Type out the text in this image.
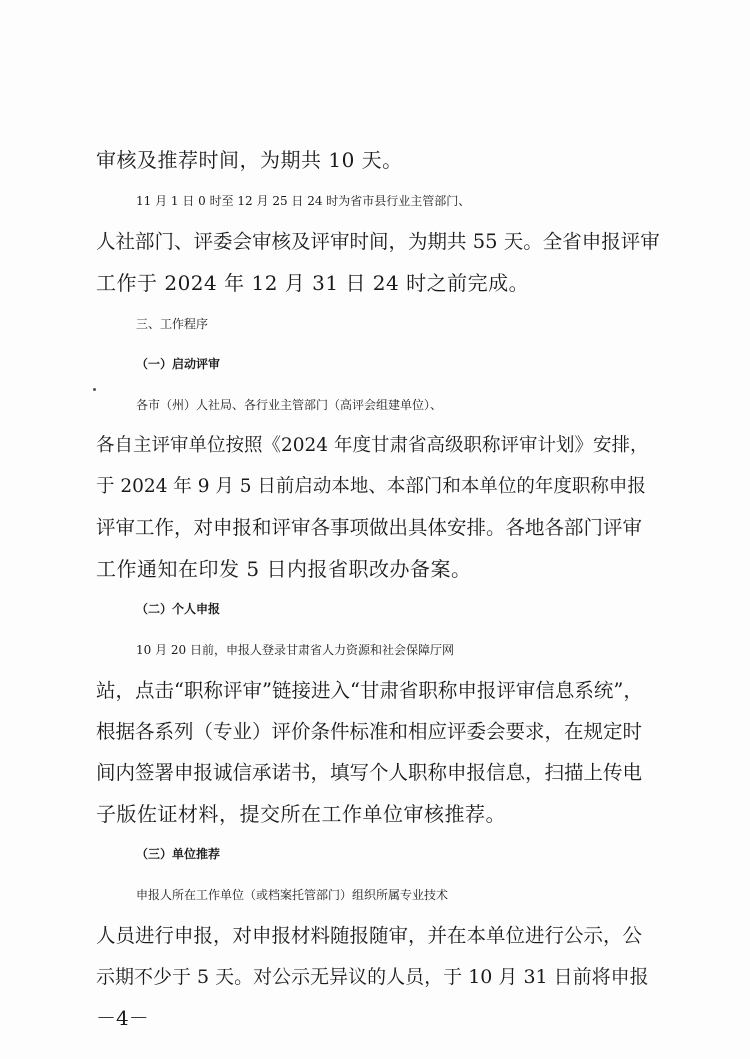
审核及推荐时间，为期共 10 天。
11 月 1 日 0 时至 12 月 25 日 24 时为省市县行业主管部门、
人社部门、评委会审核及评审时间，为期共 55 天。全省申报评审
工作于 2024 年 12 月 31 日 24 时之前完成。
三、工作程序
（一）启动评审
各市（州）人社局、各行业主管部门（高评会组建单位）、
各自主评审单位按照《2024 年度甘肃省高级职称评审计划》安排，
于 2024 年 9 月 5 日前启动本地、本部门和本单位的年度职称申报
评审工作，对申报和评审各事项做出具体安排。各地各部门评审
工作通知在印发 5 日内报省职改办备案。
（二）个人申报
10 月 20 日前，申报人登录甘肃省人力资源和社会保障厅网
站，点击“职称评审”链接进入“甘肃省职称申报评审信息系统”，
根据各系列（专业）评价条件标准和相应评委会要求，在规定时
间内签署申报诚信承诺书，填写个人职称申报信息，扫描上传电
子版佐证材料，提交所在工作单位审核推荐。
（三）单位推荐
申报人所在工作单位（或档案托管部门）组织所属专业技术
人员进行申报，对申报材料随报随审，并在本单位进行公示，公
示期不少于 5 天。对公示无异议的人员，于 10 月 31 日前将申报
－4－
